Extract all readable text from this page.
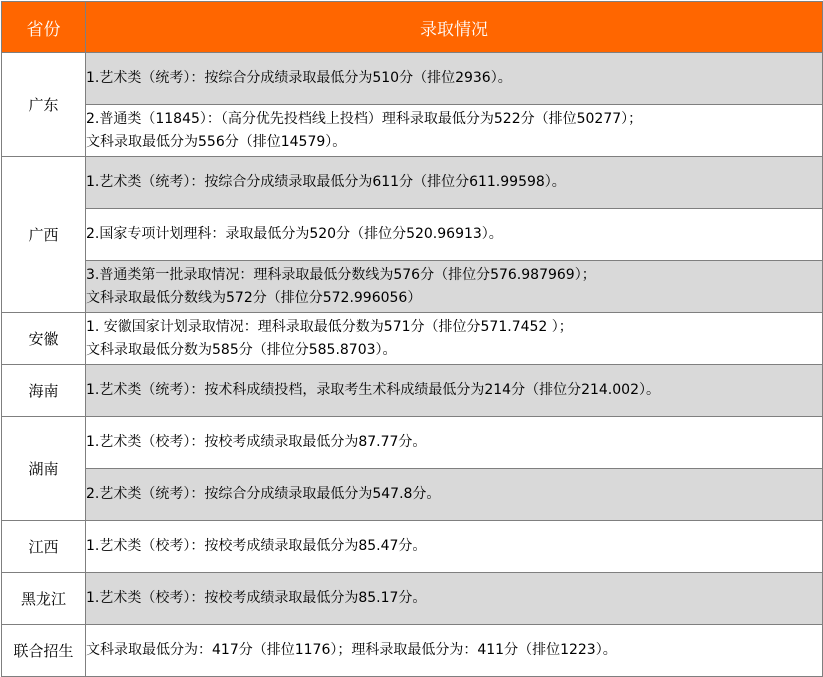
省份	录取情况
广东	1.艺术类（统考）：按综合分成绩录取最低分为510分（排位2936）。

	2.普通类（11845）：（高分优先投档线上投档）理科录取最低分为522分（排位50277）；
文科录取最低分为556分（排位14579）。

广西	1.艺术类（统考）：按综合分成绩录取最低分为611分（排位分611.99598）。

	2.国家专项计划理科：录取最低分为520分（排位分520.96913）。

	3.普通类第一批录取情况：理科录取最低分数线为576分（排位分576.987969）；
文科录取最低分数线为572分（排位分572.996056）

安徽	1. 安徽国家计划录取情况：理科录取最低分数为571分（排位分571.7452 ）；
文科录取最低分数为585分（排位分585.8703）。

海南	1.艺术类（统考）：按术科成绩投档，录取考生术科成绩最低分为214分（排位分214.002）。

湖南	1.艺术类（校考）：按校考成绩录取最低分为87.77分。

	2.艺术类（统考）：按综合分成绩录取最低分为547.8分。

江西	1.艺术类（校考）：按校考成绩录取最低分为85.47分。

黑龙江	1.艺术类（校考）：按校考成绩录取最低分为85.17分。

联合招生	文科录取最低分为：417分（排位1176）；理科录取最低分为：411分（排位1223）。
